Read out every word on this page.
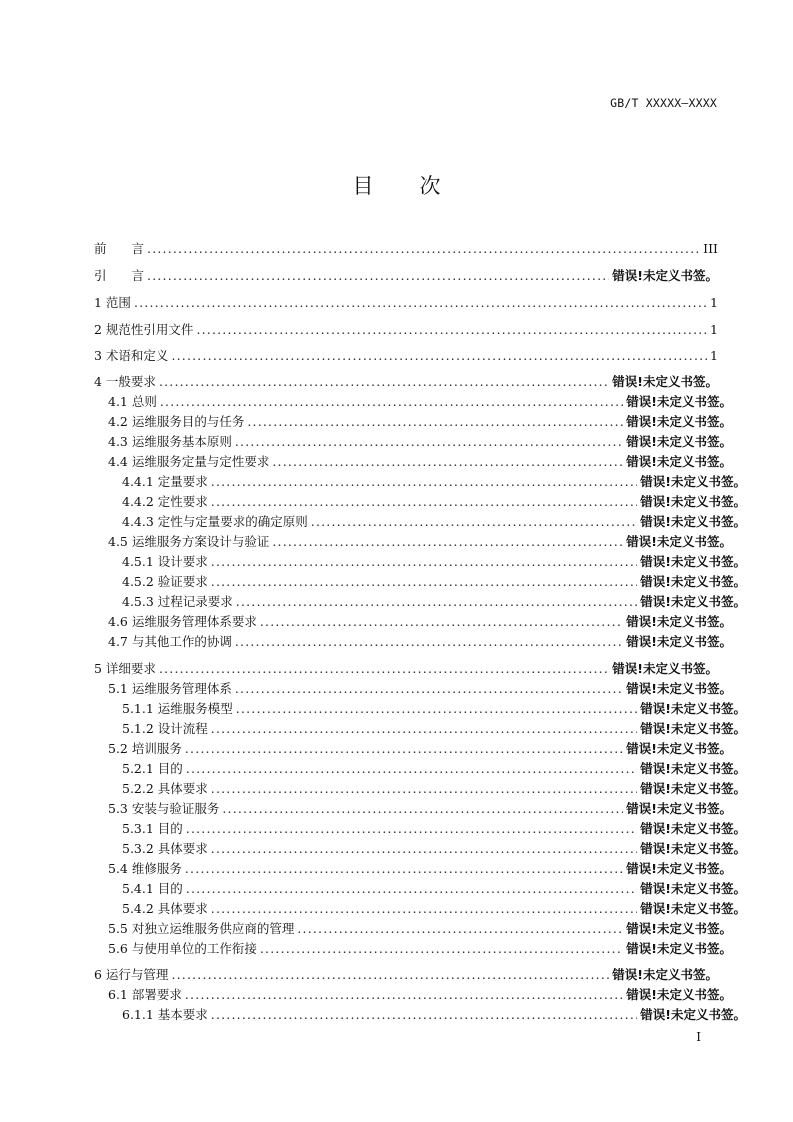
GB/T XXXXX—XXXX
目次
前　　言 .....	III
引　　言 .....	错误!未定义书签。
1 范围 .....	1
2 规范性引用文件 .....	1
3 术语和定义 .....	1
4 一般要求 .....	错误!未定义书签。
4.1 总则 .....	错误!未定义书签。
4.2 运维服务目的与任务 .....	错误!未定义书签。
4.3 运维服务基本原则 .....	错误!未定义书签。
4.4 运维服务定量与定性要求 .....	错误!未定义书签。
4.4.1 定量要求 .....	错误!未定义书签。
4.4.2 定性要求 .....	错误!未定义书签。
4.4.3 定性与定量要求的确定原则 .....	错误!未定义书签。
4.5 运维服务方案设计与验证 .....	错误!未定义书签。
4.5.1 设计要求 .....	错误!未定义书签。
4.5.2 验证要求 .....	错误!未定义书签。
4.5.3 过程记录要求 .....	错误!未定义书签。
4.6 运维服务管理体系要求 .....	错误!未定义书签。
4.7 与其他工作的协调 .....	错误!未定义书签。
5 详细要求 .....	错误!未定义书签。
5.1 运维服务管理体系 .....	错误!未定义书签。
5.1.1 运维服务模型 .....	错误!未定义书签。
5.1.2 设计流程 .....	错误!未定义书签。
5.2 培训服务 .....	错误!未定义书签。
5.2.1 目的 .....	错误!未定义书签。
5.2.2 具体要求 .....	错误!未定义书签。
5.3 安装与验证服务 .....	错误!未定义书签。
5.3.1 目的 .....	错误!未定义书签。
5.3.2 具体要求 .....	错误!未定义书签。
5.4 维修服务 .....	错误!未定义书签。
5.4.1 目的 .....	错误!未定义书签。
5.4.2 具体要求 .....	错误!未定义书签。
5.5 对独立运维服务供应商的管理 .....	错误!未定义书签。
5.6 与使用单位的工作衔接 .....	错误!未定义书签。
6 运行与管理 .....	错误!未定义书签。
6.1 部署要求 .....	错误!未定义书签。
6.1.1 基本要求 .....	错误!未定义书签。
I
